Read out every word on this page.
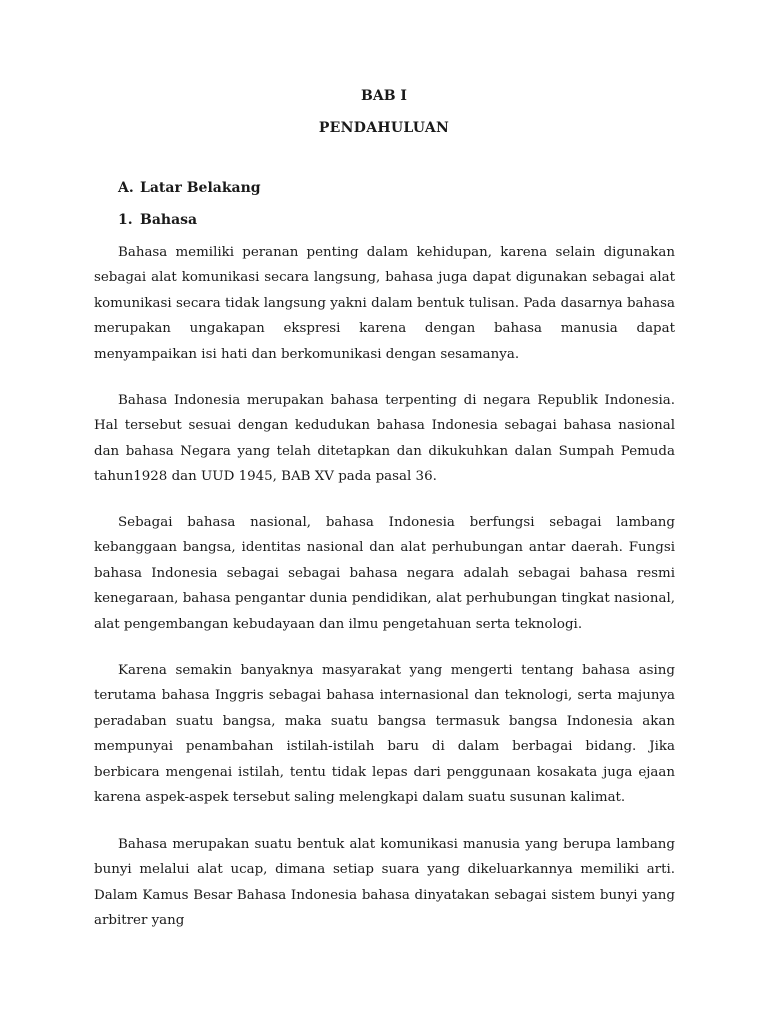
BAB I

PENDAHULUAN

A. Latar Belakang

1. Bahasa

Bahasa memiliki peranan penting dalam kehidupan, karena selain digunakan sebagai alat komunikasi secara langsung, bahasa juga dapat digunakan sebagai alat komunikasi secara tidak langsung yakni dalam bentuk tulisan. Pada dasarnya bahasa merupakan ungakapan ekspresi karena dengan bahasa manusia dapat menyampaikan isi hati dan berkomunikasi dengan sesamanya.

Bahasa Indonesia merupakan bahasa terpenting di negara Republik Indonesia. Hal tersebut sesuai dengan kedudukan bahasa Indonesia sebagai bahasa nasional dan bahasa Negara yang telah ditetapkan dan dikukuhkan dalan Sumpah Pemuda tahun1928 dan UUD 1945, BAB XV pada pasal 36.

Sebagai bahasa nasional, bahasa Indonesia berfungsi sebagai lambang kebanggaan bangsa, identitas nasional dan alat perhubungan antar daerah. Fungsi bahasa Indonesia sebagai sebagai bahasa negara adalah sebagai bahasa resmi kenegaraan, bahasa pengantar dunia pendidikan, alat perhubungan tingkat nasional, alat pengembangan kebudayaan dan ilmu pengetahuan serta teknologi.

Karena semakin banyaknya masyarakat yang mengerti tentang bahasa asing terutama bahasa Inggris sebagai bahasa internasional dan teknologi, serta majunya peradaban suatu bangsa, maka suatu bangsa termasuk bangsa Indonesia akan mempunyai penambahan istilah-istilah baru di dalam berbagai bidang. Jika berbicara mengenai istilah, tentu tidak lepas dari penggunaan kosakata juga ejaan karena aspek-aspek tersebut saling melengkapi dalam suatu susunan kalimat.

Bahasa merupakan suatu bentuk alat komunikasi manusia yang berupa lambang bunyi melalui alat ucap, dimana setiap suara yang dikeluarkannya memiliki arti. Dalam Kamus Besar Bahasa Indonesia bahasa dinyatakan sebagai sistem bunyi yang arbitrer yang
